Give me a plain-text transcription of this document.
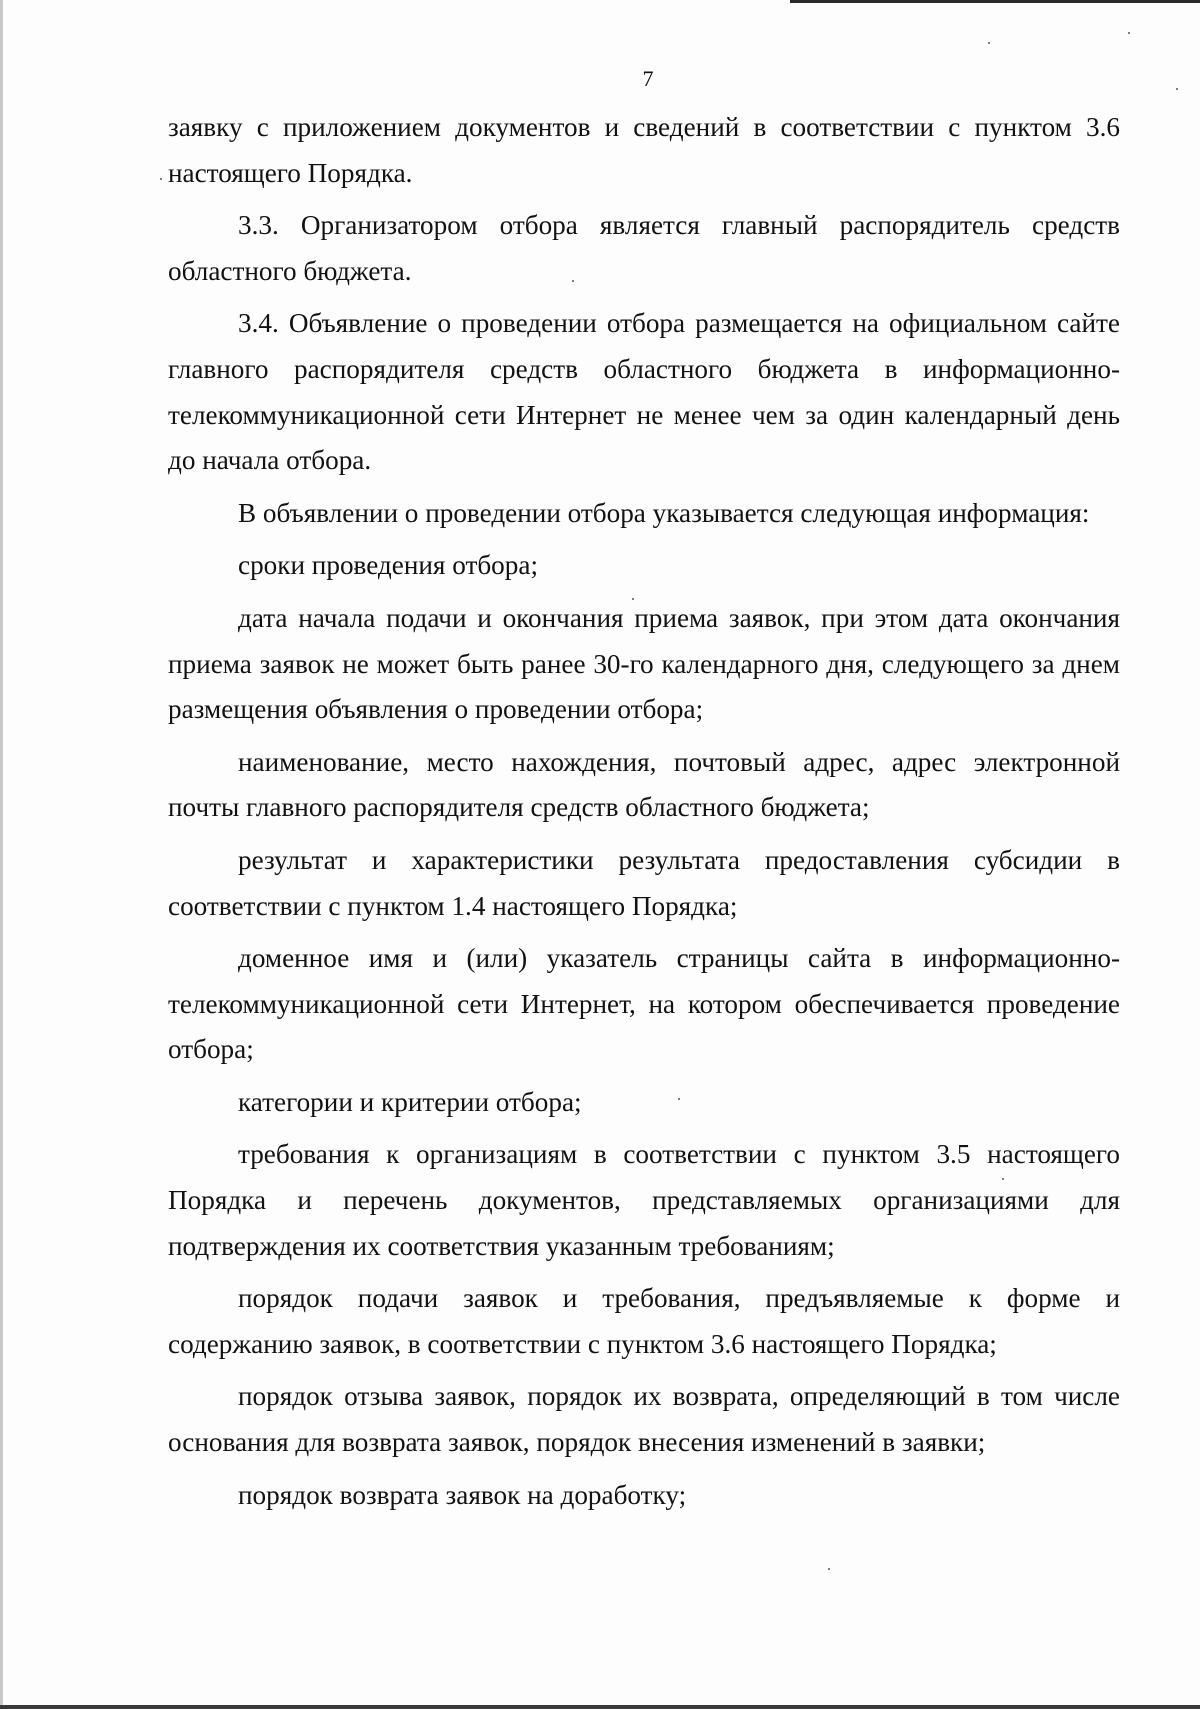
7

заявку с приложением документов и сведений в соответствии с пунктом 3.6 настоящего Порядка.

3.3. Организатором отбора является главный распорядитель средств областного бюджета.

3.4. Объявление о проведении отбора размещается на официальном сайте главного распорядителя средств областного бюджета в информационно-телекоммуникационной сети Интернет не менее чем за один календарный день до начала отбора.

В объявлении о проведении отбора указывается следующая информация:

сроки проведения отбора;

дата начала подачи и окончания приема заявок, при этом дата окончания приема заявок не может быть ранее 30-го календарного дня, следующего за днем размещения объявления о проведении отбора;

наименование, место нахождения, почтовый адрес, адрес электронной почты главного распорядителя средств областного бюджета;

результат и характеристики результата предоставления субсидии в соответствии с пунктом 1.4 настоящего Порядка;

доменное имя и (или) указатель страницы сайта в информационно-телекоммуникационной сети Интернет, на котором обеспечивается проведение отбора;

категории и критерии отбора;

требования к организациям в соответствии с пунктом 3.5 настоящего Порядка и перечень документов, представляемых организациями для подтверждения их соответствия указанным требованиям;

порядок подачи заявок и требования, предъявляемые к форме и содержанию заявок, в соответствии с пунктом 3.6 настоящего Порядка;

порядок отзыва заявок, порядок их возврата, определяющий в том числе основания для возврата заявок, порядок внесения изменений в заявки;

порядок возврата заявок на доработку;
